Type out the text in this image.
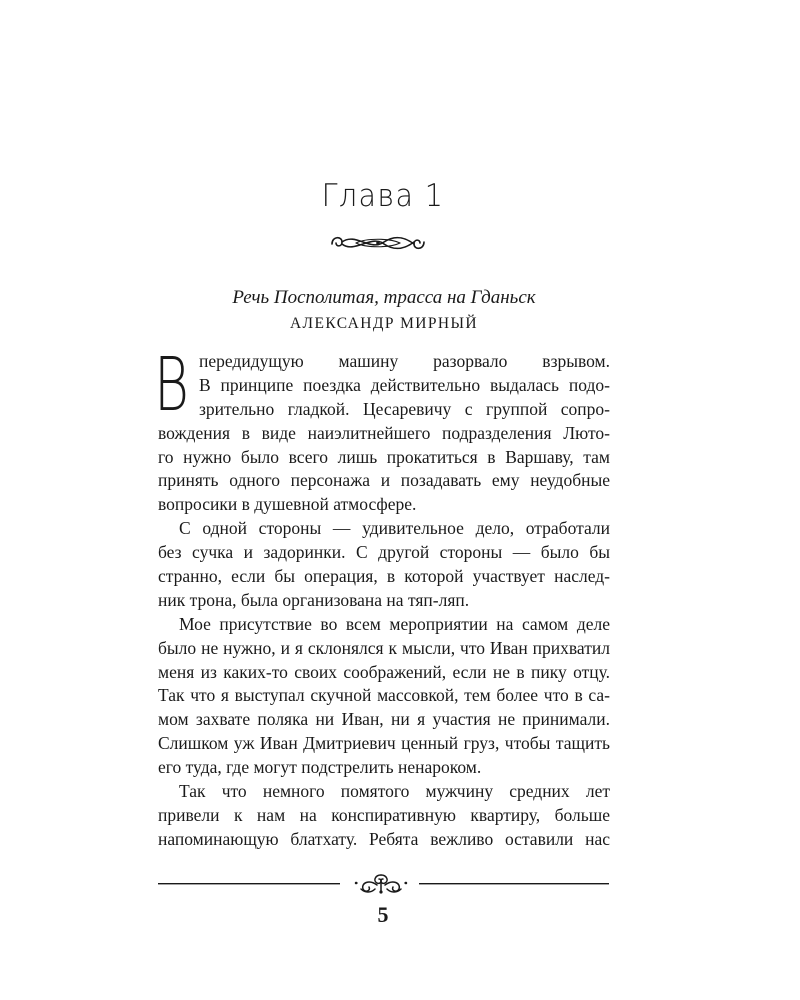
Глава 1
Речь Посполитая, трасса на Гданьск
АЛЕКСАНДР МИРНЫЙ
В передидущую машину разорвало взрывом.
В принципе поездка действительно выдалась подо-
зрительно гладкой. Цесаревичу с группой сопро-
вождения в виде наиэлитнейшего подразделения Люто-
го нужно было всего лишь прокатиться в Варшаву, там
принять одного персонажа и позадавать ему неудобные
вопросики в душевной атмосфере.
С одной стороны — удивительное дело, отработали
без сучка и задоринки. С другой стороны — было бы
странно, если бы операция, в которой участвует наслед-
ник трона, была организована на тяп-ляп.
Мое присутствие во всем мероприятии на самом деле
было не нужно, и я склонялся к мысли, что Иван прихватил
меня из каких-то своих соображений, если не в пику отцу.
Так что я выступал скучной массовкой, тем более что в са-
мом захвате поляка ни Иван, ни я участия не принимали.
Слишком уж Иван Дмитриевич ценный груз, чтобы тащить
его туда, где могут подстрелить ненароком.
Так что немного помятого мужчину средних лет
привели к нам на конспиративную квартиру, больше
напоминающую блатхату. Ребята вежливо оставили нас
5
